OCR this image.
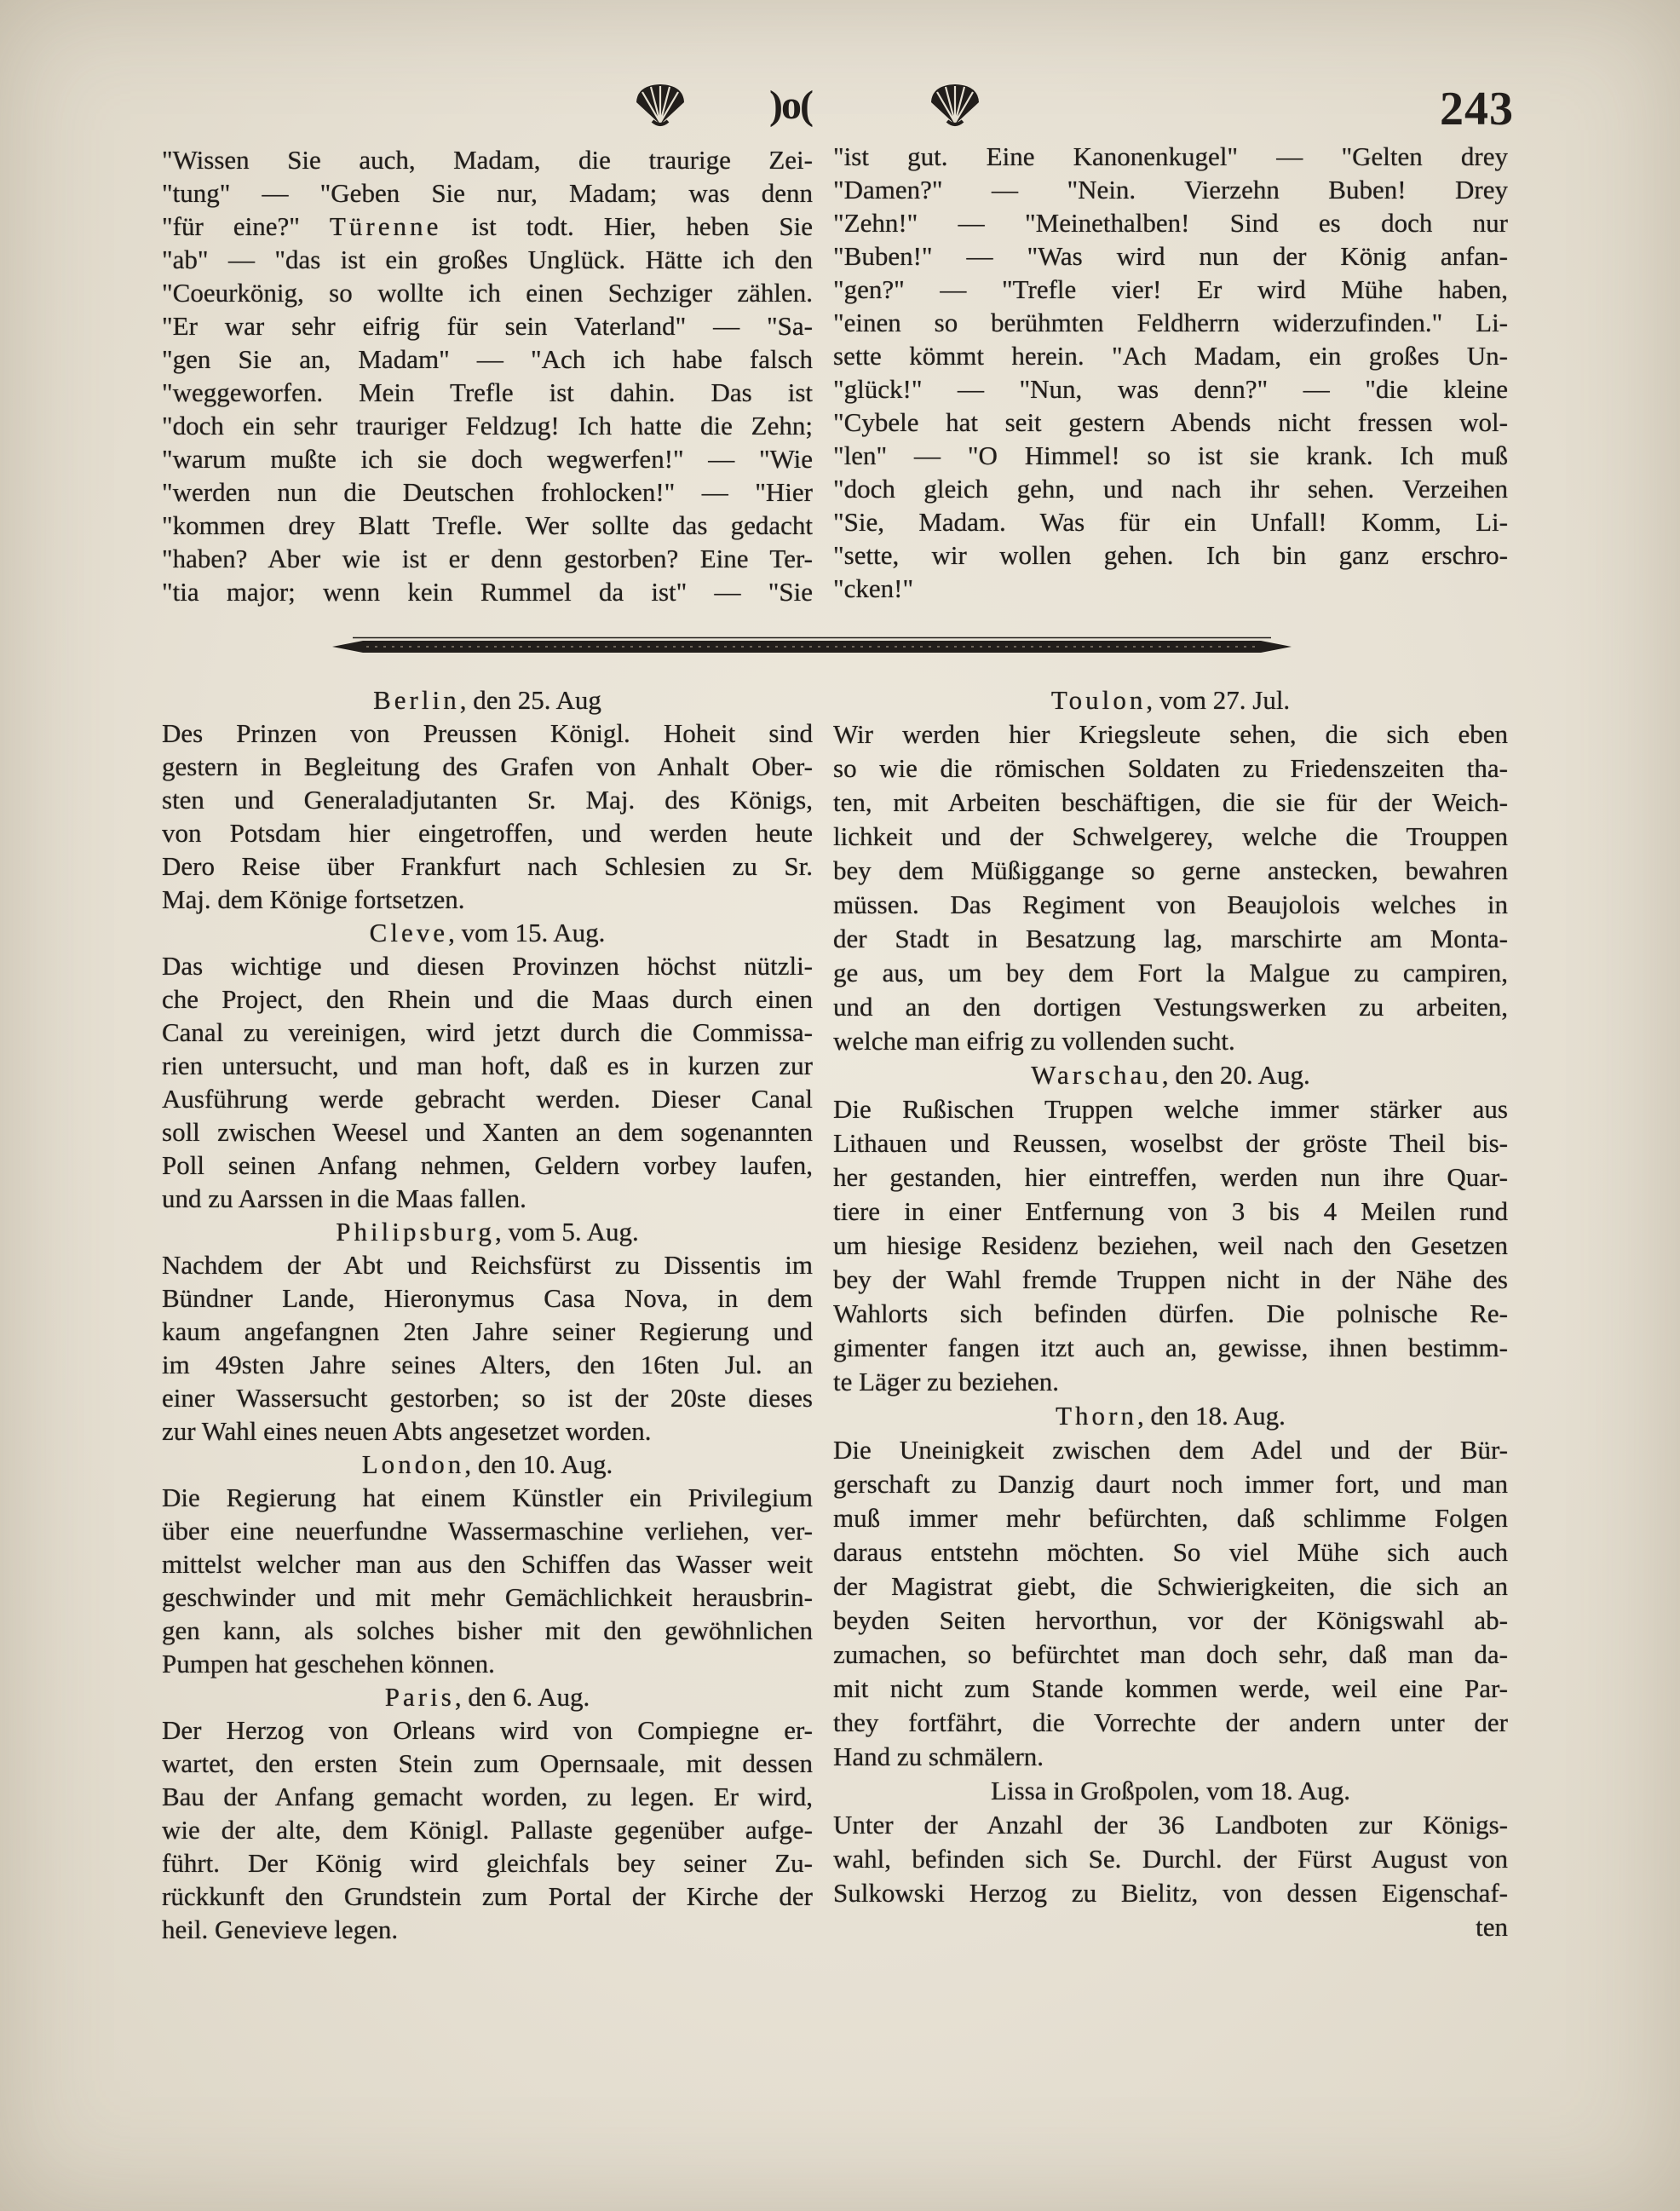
)o(	243
"Wissen Sie auch, Madam, die traurige Zei-
"tung" — "Geben Sie nur, Madam; was denn
"für eine?" Türenne ist todt. Hier, heben Sie
"ab" — "das ist ein großes Unglück. Hätte ich den
"Coeurkönig, so wollte ich einen Sechziger zählen.
"Er war sehr eifrig für sein Vaterland" — "Sa-
"gen Sie an, Madam" — "Ach ich habe falsch
"weggeworfen. Mein Trefle ist dahin. Das ist
"doch ein sehr trauriger Feldzug! Ich hatte die Zehn;
"warum mußte ich sie doch wegwerfen!" — "Wie
"werden nun die Deutschen frohlocken!" — "Hier
"kommen drey Blatt Trefle. Wer sollte das gedacht
"haben? Aber wie ist er denn gestorben? Eine Ter-
"tia major; wenn kein Rummel da ist" — "Sie
"ist gut. Eine Kanonenkugel" — "Gelten drey
"Damen?" — "Nein. Vierzehn Buben! Drey
"Zehn!" — "Meinethalben! Sind es doch nur
"Buben!" — "Was wird nun der König anfan-
"gen?" — "Trefle vier! Er wird Mühe haben,
"einen so berühmten Feldherrn widerzufinden." Li-
sette kömmt herein. "Ach Madam, ein großes Un-
"glück!" — "Nun, was denn?" — "die kleine
"Cybele hat seit gestern Abends nicht fressen wol-
"len" — "O Himmel! so ist sie krank. Ich muß
"doch gleich gehn, und nach ihr sehen. Verzeihen
"Sie, Madam. Was für ein Unfall! Komm, Li-
"sette, wir wollen gehen. Ich bin ganz erschro-
"cken!"
Berlin, den 25. Aug
Des Prinzen von Preussen Königl. Hoheit sind
gestern in Begleitung des Grafen von Anhalt Ober-
sten und Generaladjutanten Sr. Maj. des Königs,
von Potsdam hier eingetroffen, und werden heute
Dero Reise über Frankfurt nach Schlesien zu Sr.
Maj. dem Könige fortsetzen.
Cleve, vom 15. Aug.
Das wichtige und diesen Provinzen höchst nützli-
che Project, den Rhein und die Maas durch einen
Canal zu vereinigen, wird jetzt durch die Commissa-
rien untersucht, und man hoft, daß es in kurzen zur
Ausführung werde gebracht werden. Dieser Canal
soll zwischen Weesel und Xanten an dem sogenannten
Poll seinen Anfang nehmen, Geldern vorbey laufen,
und zu Aarssen in die Maas fallen.
Philipsburg, vom 5. Aug.
Nachdem der Abt und Reichsfürst zu Dissentis im
Bündner Lande, Hieronymus Casa Nova, in dem
kaum angefangnen 2ten Jahre seiner Regierung und
im 49sten Jahre seines Alters, den 16ten Jul. an
einer Wassersucht gestorben; so ist der 20ste dieses
zur Wahl eines neuen Abts angesetzet worden.
London, den 10. Aug.
Die Regierung hat einem Künstler ein Privilegium
über eine neuerfundne Wassermaschine verliehen, ver-
mittelst welcher man aus den Schiffen das Wasser weit
geschwinder und mit mehr Gemächlichkeit herausbrin-
gen kann, als solches bisher mit den gewöhnlichen
Pumpen hat geschehen können.
Paris, den 6. Aug.
Der Herzog von Orleans wird von Compiegne er-
wartet, den ersten Stein zum Opernsaale, mit dessen
Bau der Anfang gemacht worden, zu legen. Er wird,
wie der alte, dem Königl. Pallaste gegenüber aufge-
führt. Der König wird gleichfals bey seiner Zu-
rückkunft den Grundstein zum Portal der Kirche der
heil. Genevieve legen.
Toulon, vom 27. Jul.
Wir werden hier Kriegsleute sehen, die sich eben
so wie die römischen Soldaten zu Friedenszeiten tha-
ten, mit Arbeiten beschäftigen, die sie für der Weich-
lichkeit und der Schwelgerey, welche die Trouppen
bey dem Müßiggange so gerne anstecken, bewahren
müssen. Das Regiment von Beaujolois welches in
der Stadt in Besatzung lag, marschirte am Monta-
ge aus, um bey dem Fort la Malgue zu campiren,
und an den dortigen Vestungswerken zu arbeiten,
welche man eifrig zu vollenden sucht.
Warschau, den 20. Aug.
Die Rußischen Truppen welche immer stärker aus
Lithauen und Reussen, woselbst der gröste Theil bis-
her gestanden, hier eintreffen, werden nun ihre Quar-
tiere in einer Entfernung von 3 bis 4 Meilen rund
um hiesige Residenz beziehen, weil nach den Gesetzen
bey der Wahl fremde Truppen nicht in der Nähe des
Wahlorts sich befinden dürfen. Die polnische Re-
gimenter fangen itzt auch an, gewisse, ihnen bestimm-
te Läger zu beziehen.
Thorn, den 18. Aug.
Die Uneinigkeit zwischen dem Adel und der Bür-
gerschaft zu Danzig daurt noch immer fort, und man
muß immer mehr befürchten, daß schlimme Folgen
daraus entstehn möchten. So viel Mühe sich auch
der Magistrat giebt, die Schwierigkeiten, die sich an
beyden Seiten hervorthun, vor der Königswahl ab-
zumachen, so befürchtet man doch sehr, daß man da-
mit nicht zum Stande kommen werde, weil eine Par-
they fortfährt, die Vorrechte der andern unter der
Hand zu schmälern.
Lissa in Großpolen, vom 18. Aug.
Unter der Anzahl der 36 Landboten zur Königs-
wahl, befinden sich Se. Durchl. der Fürst August von
Sulkowski Herzog zu Bielitz, von dessen Eigenschaf-
ten
